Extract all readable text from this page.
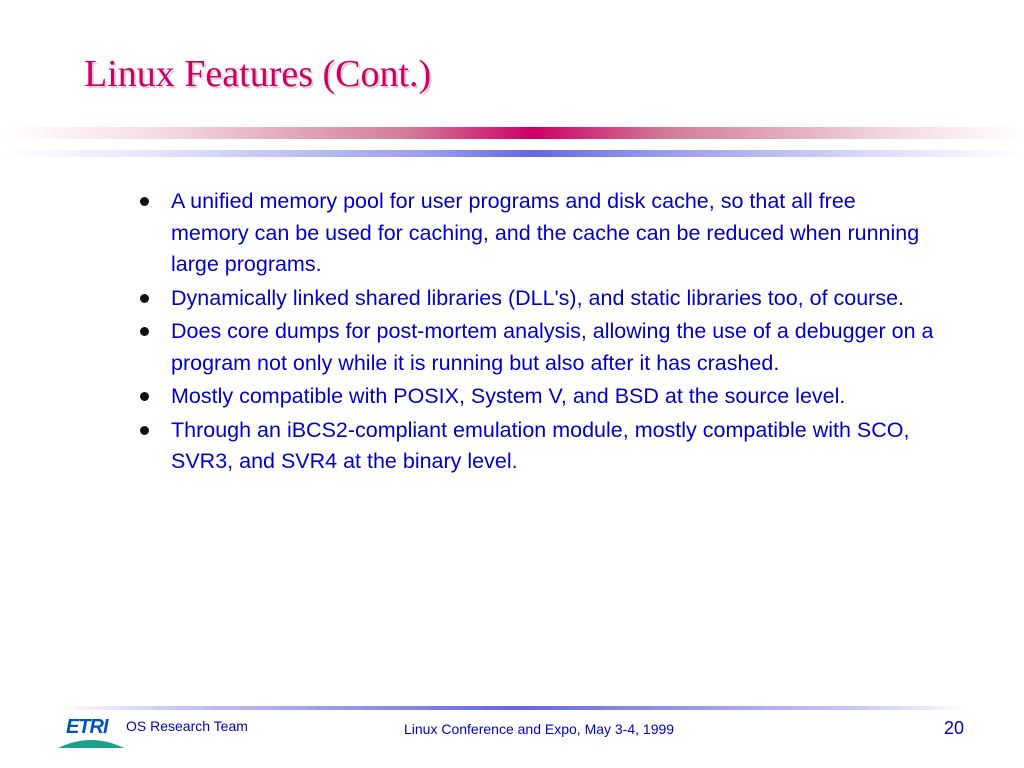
Linux Features (Cont.)
A unified memory pool for user programs and disk cache, so that all free memory can be used for caching, and the cache can be reduced when running large programs.
Dynamically linked shared libraries (DLL's), and static libraries too, of course.
Does core dumps for post-mortem analysis, allowing the use of a debugger on a program not only while it is running but also after it has crashed.
Mostly compatible with POSIX, System V, and BSD at the source level.
Through an iBCS2-compliant emulation module, mostly compatible with SCO, SVR3, and SVR4 at the binary level.
ETRI OS Research Team	Linux Conference and Expo, May 3-4, 1999	20
